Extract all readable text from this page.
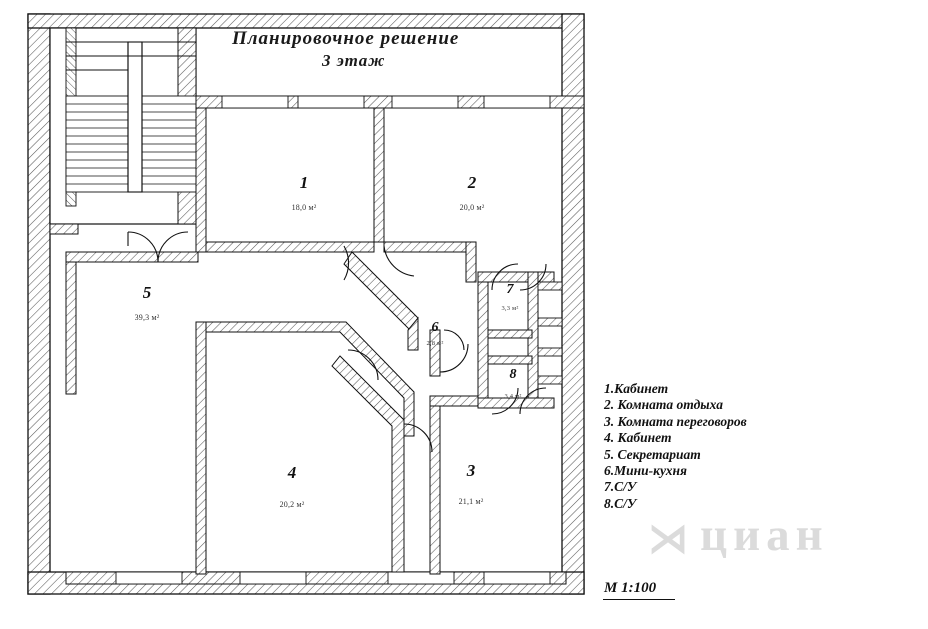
Планировочное решение
3 этаж
1
18,0 м²
2
20,0 м²
3
21,1 м²
4
20,2 м²
5
39,3 м²
6
2,8 м²
7
3,3 м²
8
3,4 м²
1.Кабинет
2. Комната отдыха
3. Комната переговоров
4. Кабинет
5. Секретариат
6.Мини-кухня
7.С/У
8.С/У
М 1:100
⋊ циан
